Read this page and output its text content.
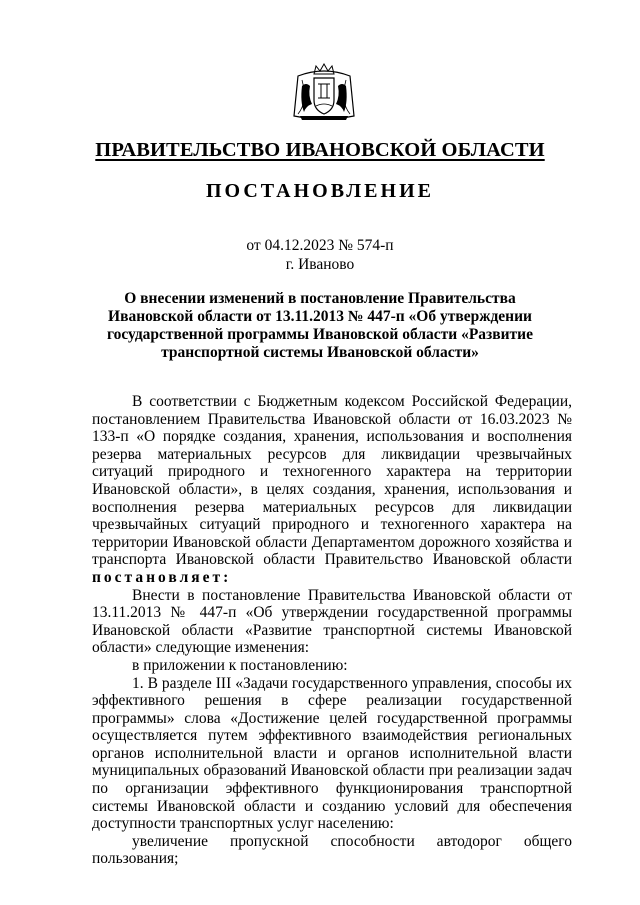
ПРАВИТЕЛЬСТВО ИВАНОВСКОЙ ОБЛАСТИ
ПОСТАНОВЛЕНИЕ
от 04.12.2023 № 574-п
г. Иваново
О внесении изменений в постановление Правительства Ивановской области от 13.11.2013 № 447-п «Об утверждении государственной программы Ивановской области «Развитие транспортной системы Ивановской области»

В соответствии с Бюджетным кодексом Российской Федерации, постановлением Правительства Ивановской области от 16.03.2023 № 133-п «О порядке создания, хранения, использования и восполнения резерва материальных ресурсов для ликвидации чрезвычайных ситуаций природного и техногенного характера на территории Ивановской области», в целях создания, хранения, использования и восполнения резерва материальных ресурсов для ликвидации чрезвычайных ситуаций природного и техногенного характера на территории Ивановской области Департаментом дорожного хозяйства и транспорта Ивановской области Правительство Ивановской области постановляет:

Внести в постановление Правительства Ивановской области от 13.11.2013 № 447-п «Об утверждении государственной программы Ивановской области «Развитие транспортной системы Ивановской области» следующие изменения:

в приложении к постановлению:

1. В разделе III «Задачи государственного управления, способы их эффективного решения в сфере реализации государственной программы» слова «Достижение целей государственной программы осуществляется путем эффективного взаимодействия региональных органов исполнительной власти и органов исполнительной власти муниципальных образований Ивановской области при реализации задач по организации эффективного функционирования транспортной системы Ивановской области и созданию условий для обеспечения доступности транспортных услуг населению:

увеличение пропускной способности автодорог общего пользования;
